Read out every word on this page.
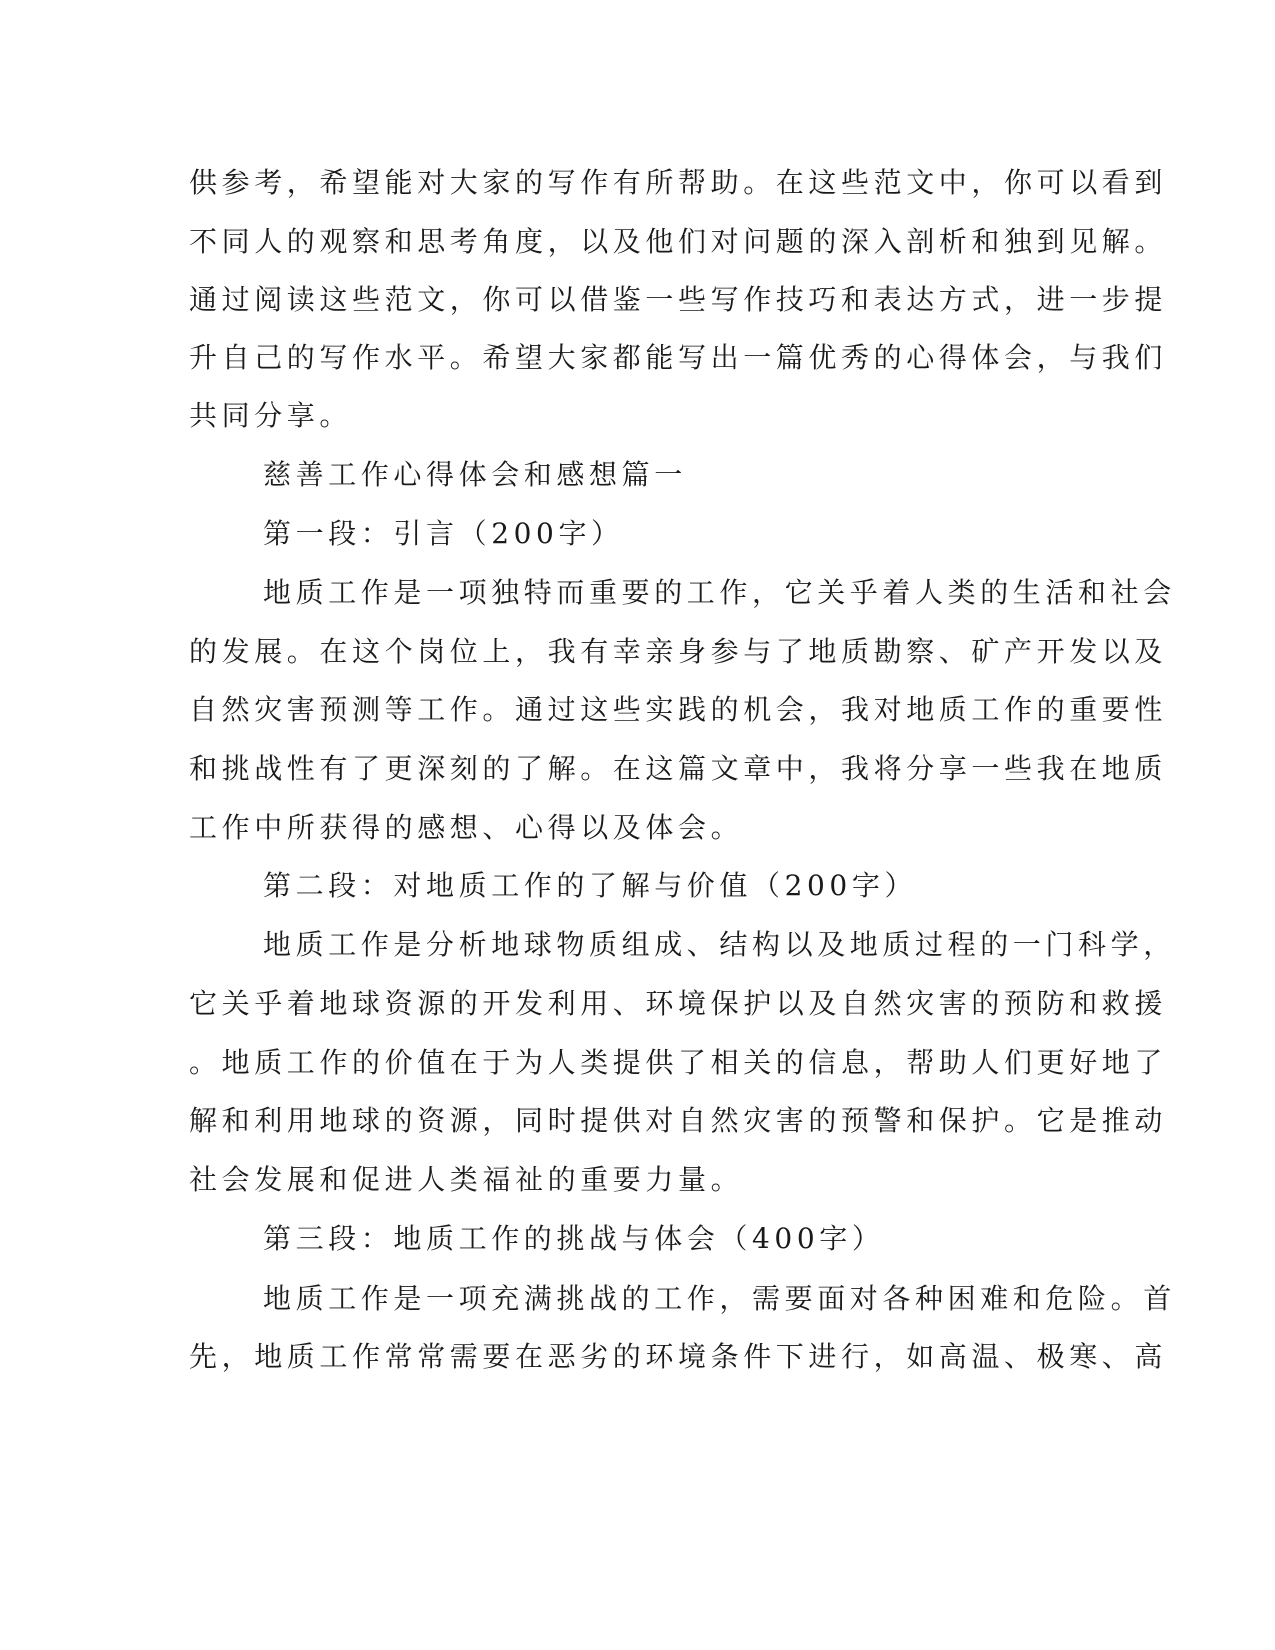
供参考，希望能对大家的写作有所帮助。在这些范文中，你可以看到

不同人的观察和思考角度，以及他们对问题的深入剖析和独到见解。

通过阅读这些范文，你可以借鉴一些写作技巧和表达方式，进一步提

升自己的写作水平。希望大家都能写出一篇优秀的心得体会，与我们

共同分享。

慈善工作心得体会和感想篇一

第一段：引言（200字）

地质工作是一项独特而重要的工作，它关乎着人类的生活和社会

的发展。在这个岗位上，我有幸亲身参与了地质勘察、矿产开发以及

自然灾害预测等工作。通过这些实践的机会，我对地质工作的重要性

和挑战性有了更深刻的了解。在这篇文章中，我将分享一些我在地质

工作中所获得的感想、心得以及体会。

第二段：对地质工作的了解与价值（200字）

地质工作是分析地球物质组成、结构以及地质过程的一门科学，

它关乎着地球资源的开发利用、环境保护以及自然灾害的预防和救援

。地质工作的价值在于为人类提供了相关的信息，帮助人们更好地了

解和利用地球的资源，同时提供对自然灾害的预警和保护。它是推动

社会发展和促进人类福祉的重要力量。

第三段：地质工作的挑战与体会（400字）

地质工作是一项充满挑战的工作，需要面对各种困难和危险。首

先，地质工作常常需要在恶劣的环境条件下进行，如高温、极寒、高
